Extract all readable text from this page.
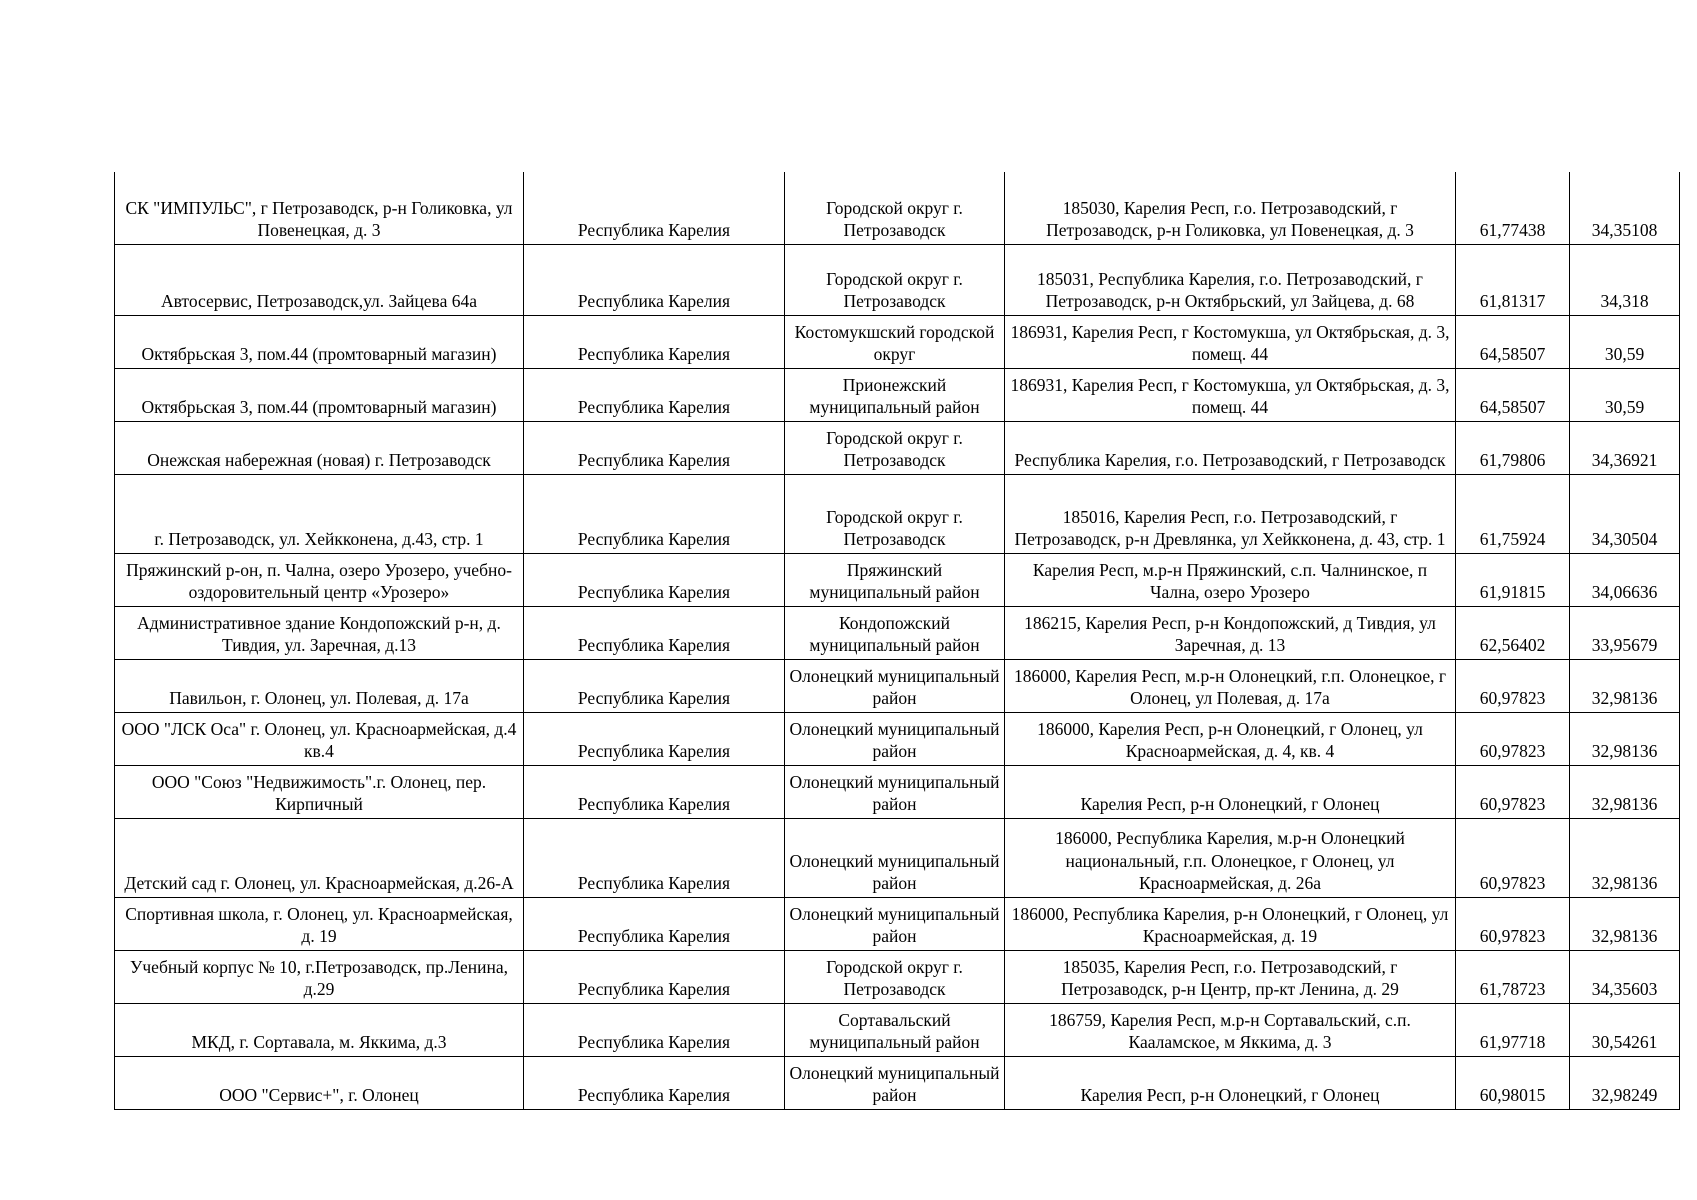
СК "ИМПУЛЬС", г Петрозаводск, р-н Голиковка, ул Повенецкая, д. 3	Республика Карелия	Городской округ г. Петрозаводск	185030, Карелия Респ, г.о. Петрозаводский, г Петрозаводск, р-н Голиковка, ул Повенецкая, д. 3	61,77438	34,35108
Автосервис, Петрозаводск,ул. Зайцева 64а	Республика Карелия	Городской округ г. Петрозаводск	185031, Республика Карелия, г.о. Петрозаводский, г Петрозаводск, р-н Октябрьский, ул Зайцева, д. 68	61,81317	34,318
Октябрьская 3, пом.44 (промтоварный магазин)	Республика Карелия	Костомукшский городской округ	186931, Карелия Респ, г Костомукша, ул Октябрьская, д. 3, помещ. 44	64,58507	30,59
Октябрьская 3, пом.44 (промтоварный магазин)	Республика Карелия	Прионежский муниципальный район	186931, Карелия Респ, г Костомукша, ул Октябрьская, д. 3, помещ. 44	64,58507	30,59
Онежская набережная (новая) г. Петрозаводск	Республика Карелия	Городской округ г. Петрозаводск	Республика Карелия, г.о. Петрозаводский, г Петрозаводск	61,79806	34,36921
г. Петрозаводск, ул. Хейкконена, д.43, стр. 1	Республика Карелия	Городской округ г. Петрозаводск	185016, Карелия Респ, г.о. Петрозаводский, г Петрозаводск, р-н Древлянка, ул Хейкконена, д. 43, стр. 1	61,75924	34,30504
Пряжинский р-он, п. Чална, озеро Урозеро, учебно-оздоровительный центр «Урозеро»	Республика Карелия	Пряжинский муниципальный район	Карелия Респ, м.р-н Пряжинский, с.п. Чалнинское, п Чална, озеро Урозеро	61,91815	34,06636
Административное здание Кондопожский р-н, д. Тивдия, ул. Заречная, д.13	Республика Карелия	Кондопожский муниципальный район	186215, Карелия Респ, р-н Кондопожский, д Тивдия, ул Заречная, д. 13	62,56402	33,95679
Павильон, г. Олонец, ул. Полевая, д. 17а	Республика Карелия	Олонецкий муниципальный район	186000, Карелия Респ, м.р-н Олонецкий, г.п. Олонецкое, г Олонец, ул Полевая, д. 17а	60,97823	32,98136
ООО "ЛСК Оса" г. Олонец, ул. Красноармейская, д.4 кв.4	Республика Карелия	Олонецкий муниципальный район	186000, Карелия Респ, р-н Олонецкий, г Олонец, ул Красноармейская, д. 4, кв. 4	60,97823	32,98136
ООО "Союз "Недвижимость".г. Олонец, пер. Кирпичный	Республика Карелия	Олонецкий муниципальный район	Карелия Респ, р-н Олонецкий, г Олонец	60,97823	32,98136
Детский сад г. Олонец, ул. Красноармейская, д.26-А	Республика Карелия	Олонецкий муниципальный район	186000, Республика Карелия, м.р-н Олонецкий национальный, г.п. Олонецкое, г Олонец, ул Красноармейская, д. 26а	60,97823	32,98136
Спортивная школа, г. Олонец, ул. Красноармейская, д. 19	Республика Карелия	Олонецкий муниципальный район	186000, Республика Карелия, р-н Олонецкий, г Олонец, ул Красноармейская, д. 19	60,97823	32,98136
Учебный корпус № 10, г.Петрозаводск, пр.Ленина, д.29	Республика Карелия	Городской округ г. Петрозаводск	185035, Карелия Респ, г.о. Петрозаводский, г Петрозаводск, р-н Центр, пр-кт Ленина, д. 29	61,78723	34,35603
МКД, г. Сортавала, м. Яккима, д.3	Республика Карелия	Сортавальский муниципальный район	186759, Карелия Респ, м.р-н Сортавальский, с.п. Кааламское, м Яккима, д. 3	61,97718	30,54261
ООО "Сервис+", г. Олонец	Республика Карелия	Олонецкий муниципальный район	Карелия Респ, р-н Олонецкий, г Олонец	60,98015	32,98249
